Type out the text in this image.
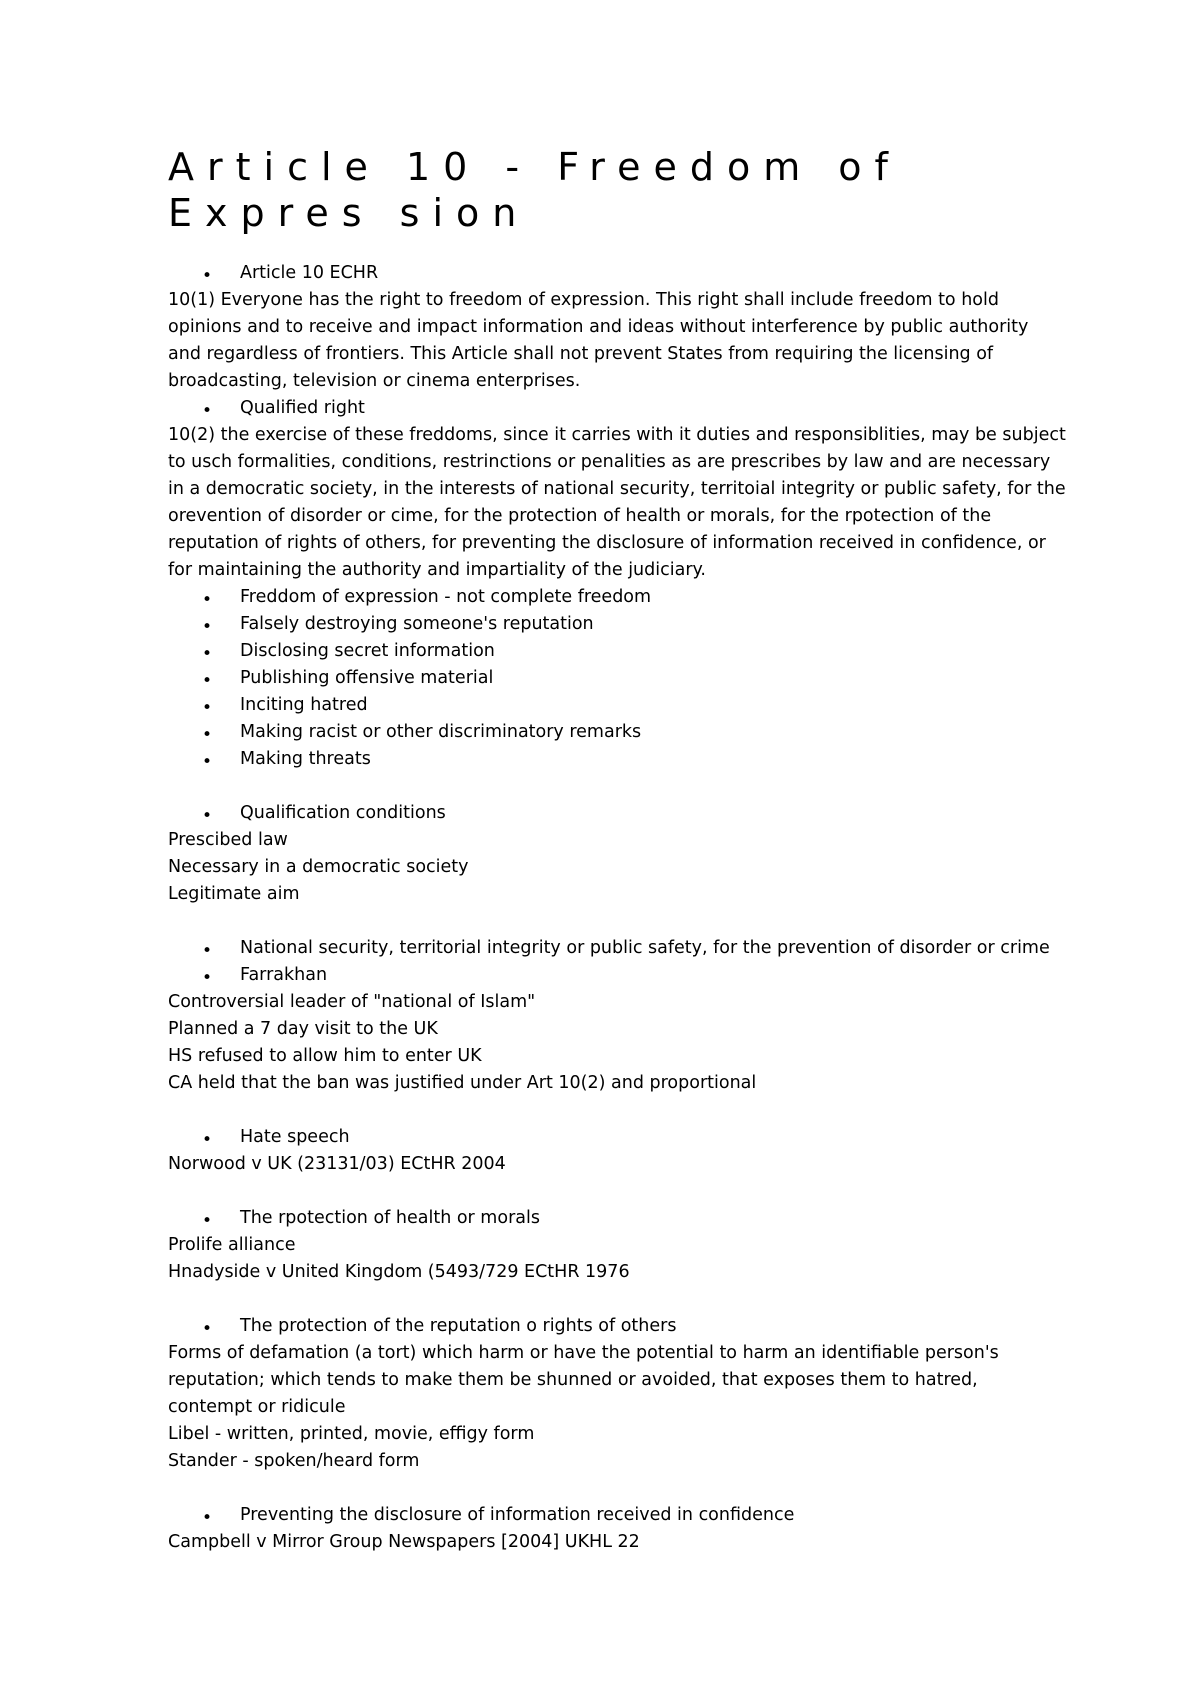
Article 10 - Freedom of Expres sion
• Article 10 ECHR
10(1) Everyone has the right to freedom of expression. This right shall include freedom to hold
opinions and to receive and impact information and ideas without interference by public authority
and regardless of frontiers. This Article shall not prevent States from requiring the licensing of
broadcasting, television or cinema enterprises.
• Qualified right
10(2) the exercise of these freddoms, since it carries with it duties and responsiblities, may be subject
to usch formalities, conditions, restrinctions or penalities as are prescribes by law and are necessary
in a democratic society, in the interests of national security, territoial integrity or public safety, for the
orevention of disorder or cime, for the protection of health or morals, for the rpotection of the
reputation of rights of others, for preventing the disclosure of information received in confidence, or
for maintaining the authority and impartiality of the judiciary.
• Freddom of expression - not complete freedom
• Falsely destroying someone's reputation
• Disclosing secret information
• Publishing offensive material
• Inciting hatred
• Making racist or other discriminatory remarks
• Making threats
• Qualification conditions
Prescibed law
Necessary in a democratic society
Legitimate aim
• National security, territorial integrity or public safety, for the prevention of disorder or crime
• Farrakhan
Controversial leader of "national of Islam"
Planned a 7 day visit to the UK
HS refused to allow him to enter UK
CA held that the ban was justified under Art 10(2) and proportional
• Hate speech
Norwood v UK (23131/03) ECtHR 2004
• The rpotection of health or morals
Prolife alliance
Hnadyside v United Kingdom (5493/729 ECtHR 1976
• The protection of the reputation o rights of others
Forms of defamation (a tort) which harm or have the potential to harm an identifiable person's
reputation; which tends to make them be shunned or avoided, that exposes them to hatred,
contempt or ridicule
Libel - written, printed, movie, effigy form
Stander - spoken/heard form
• Preventing the disclosure of information received in confidence
Campbell v Mirror Group Newspapers [2004] UKHL 22
